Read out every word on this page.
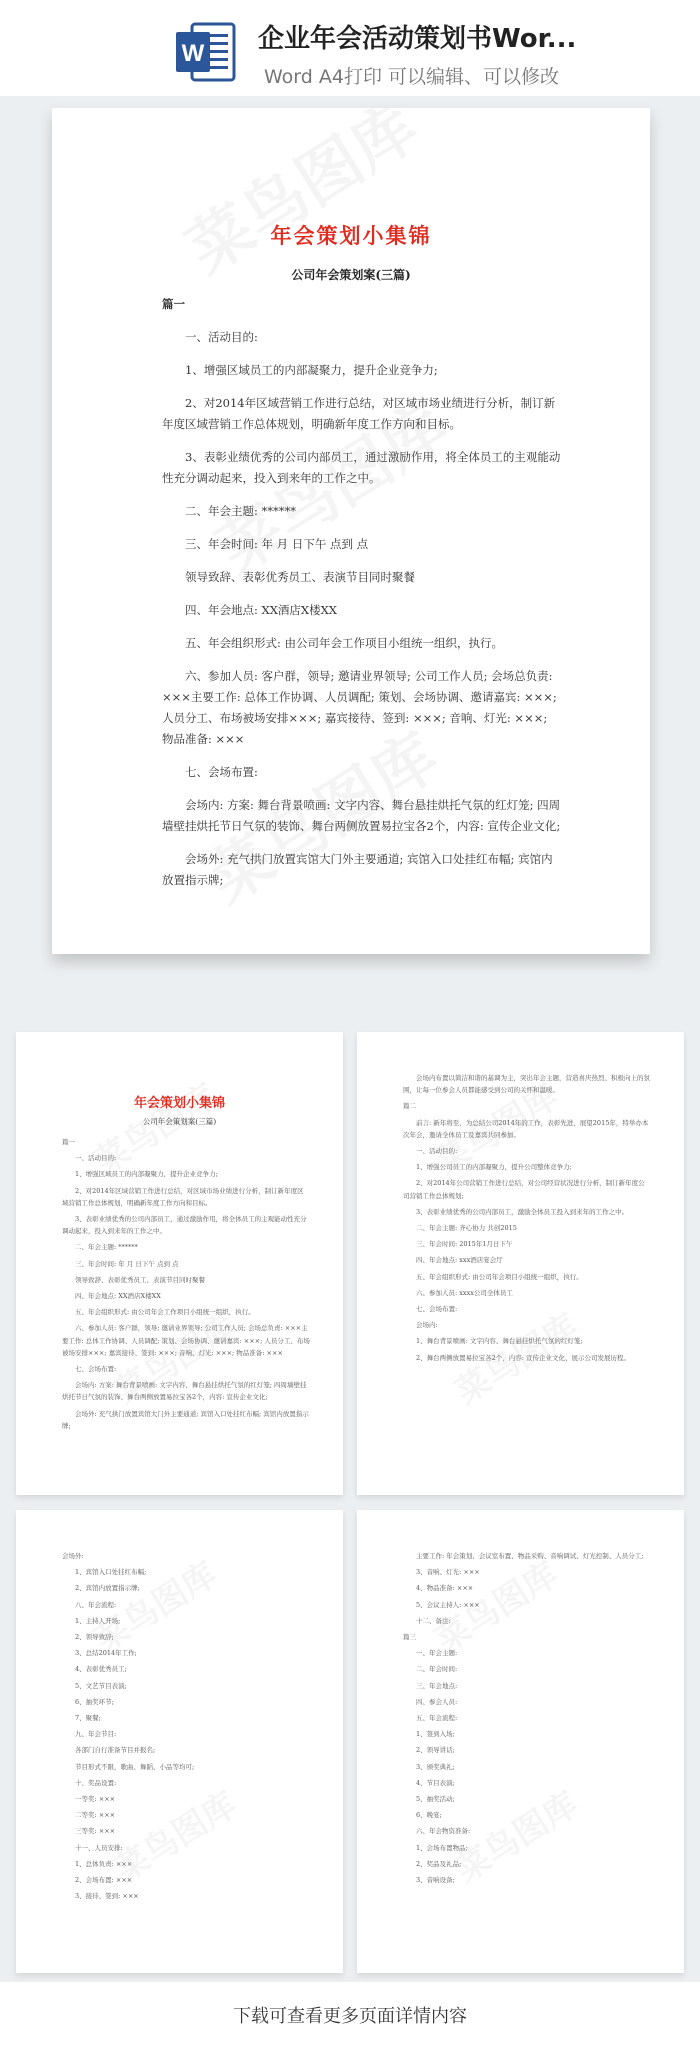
W 企业年会活动策划书Wor...
Word A4打印 可以编辑、可以修改
年会策划小集锦
公司年会策划案(三篇)

篇一

一、活动目的:

1、增强区域员工的内部凝聚力，提升企业竞争力;

2、对2014年区域营销工作进行总结，对区域市场业绩进行分析，制订新年度区域营销工作总体规划，明确新年度工作方向和目标。

3、表彰业绩优秀的公司内部员工，通过激励作用，将全体员工的主观能动性充分调动起来，投入到来年的工作之中。

二、年会主题: ******

三、年会时间: 年 月 日下午 点到 点

领导致辞、表彰优秀员工、表演节目同时聚餐

四、年会地点: XX酒店X楼XX

五、年会组织形式: 由公司年会工作项目小组统一组织，执行。

六、参加人员: 客户群，领导; 邀请业界领导; 公司工作人员; 会场总负责: ×××主要工作: 总体工作协调、人员调配; 策划、会场协调、邀请嘉宾: ×××; 人员分工、布场被场安排×××; 嘉宾接待、签到: ×××; 音响、灯光: ×××; 物品准备: ×××

七、会场布置:

会场内: 方案: 舞台背景喷画: 文字内容、舞台悬挂烘托气氛的红灯笼; 四周墙壁挂烘托节日气氛的装饰、舞台两侧放置易拉宝各2个，内容: 宣传企业文化;

会场外: 充气拱门放置宾馆大门外主要通道; 宾馆入口处挂红布幅; 宾馆内放置指示牌;

年会策划小集锦
公司年会策划案(三篇)

篇一

一、活动目的:

1、增强区域员工的内部凝聚力，提升企业竞争力;

2、对2014年区域营销工作进行总结，对区域市场业绩进行分析，制订新年度区域营销工作总体规划，明确新年度工作方向和目标。

3、表彰业绩优秀的公司内部员工，通过激励作用，将全体员工的主观能动性充分调动起来，投入到来年的工作之中。

二、年会主题: ******

三、年会时间: 年 月 日下午 点到 点

领导致辞、表彰优秀员工、表演节目同时聚餐

四、年会地点: XX酒店X楼XX

五、年会组织形式: 由公司年会工作项目小组统一组织，执行。

六、参加人员: 客户群，领导; 邀请业界领导; 公司工作人员; 会场总负责: ×××主要工作: 总体工作协调、人员调配; 策划、会场协调、邀请嘉宾: ×××; 人员分工、布场被场安排×××; 嘉宾接待、签到: ×××; 音响、灯光: ×××; 物品准备: ×××

七、会场布置:

会场内: 方案: 舞台背景喷画: 文字内容、舞台悬挂烘托气氛的红灯笼; 四周墙壁挂烘托节日气氛的装饰、舞台两侧放置易拉宝各2个，内容: 宣传企业文化;

会场外: 充气拱门放置宾馆大门外主要通道; 宾馆入口处挂红布幅; 宾馆内放置指示牌;

会场内布置以简洁和谐的基调为主，突出年会主题，营造喜庆热烈、积极向上的氛围，让每一位参会人员都能感受到公司的关怀和温暖。

篇二

前言: 新年将至，为总结公司2014年的工作，表彰先进，展望2015年，特举办本次年会，邀请全体员工及嘉宾共同参加。

一、活动目的:

1、增强公司员工的内部凝聚力，提升公司整体竞争力;

2、对2014年公司营销工作进行总结，对公司经营状况进行分析，制订新年度公司营销工作总体规划;

3、表彰业绩优秀的公司内部员工，激励全体员工投入到来年的工作之中。

二、年会主题: 齐心协力 共创2015

三、年会时间: 2015年1月日下午

四、年会地点: xxx酒店宴会厅

五、年会组织形式: 由公司年会项目小组统一组织，执行。

六、参加人员: xxxx公司全体员工

七、会场布置:

会场内:

1、舞台背景喷画: 文字内容、舞台悬挂烘托气氛的红灯笼;

2、舞台两侧放置易拉宝各2个，内容: 宣传企业文化、展示公司发展历程。

会场外:

1、宾馆入口处挂红布幅;

2、宾馆内放置指示牌;

八、年会流程:

1、主持人开场;

2、领导致辞;

3、总结2014年工作;

4、表彰优秀员工;

5、文艺节目表演;

6、抽奖环节;

7、聚餐;

九、年会节目:

各部门自行准备节目并报名;

节目形式不限，歌曲、舞蹈、小品等均可;

十、奖品设置:

一等奖: ×××

二等奖: ×××

三等奖: ×××

十一、人员安排:

1、总体负责: ×××

2、会场布置: ×××

3、接待、签到: ×××

主要工作: 年会策划、会议室布置、物品采购、音响调试、灯光控制、人员分工;

3、音响、灯光: ×××

4、物品准备: ×××

5、会议主持人: ×××

十二、备注:

篇三

一、年会主题:

二、年会时间:

三、年会地点:

四、参会人员:

五、年会流程:

1、签到入场;

2、领导讲话;

3、颁奖典礼;

4、节目表演;

5、抽奖活动;

6、晚宴;

六、年会物资准备:

1、会场布置物品;

2、奖品及礼品;

3、音响设备;

下载可查看更多页面详情内容
